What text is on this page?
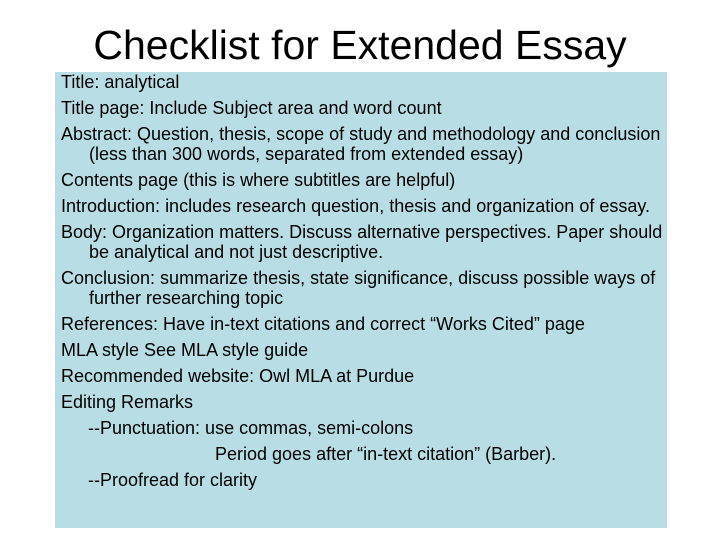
Checklist for Extended Essay
Title: analytical
Title page: Include Subject area and word count
Abstract: Question, thesis, scope of study and methodology and conclusion (less than 300 words, separated from extended essay)
Contents page (this is where subtitles are helpful)
Introduction: includes research question, thesis and organization of essay.
Body: Organization matters. Discuss alternative perspectives. Paper should be analytical and not just descriptive.
Conclusion: summarize thesis, state significance, discuss possible ways of further researching topic
References: Have in-text citations and correct “Works Cited” page
MLA style See MLA style guide
Recommended website: Owl MLA at Purdue
Editing Remarks
--Punctuation: use commas, semi-colons
Period goes after “in-text citation” (Barber).
--Proofread for clarity
